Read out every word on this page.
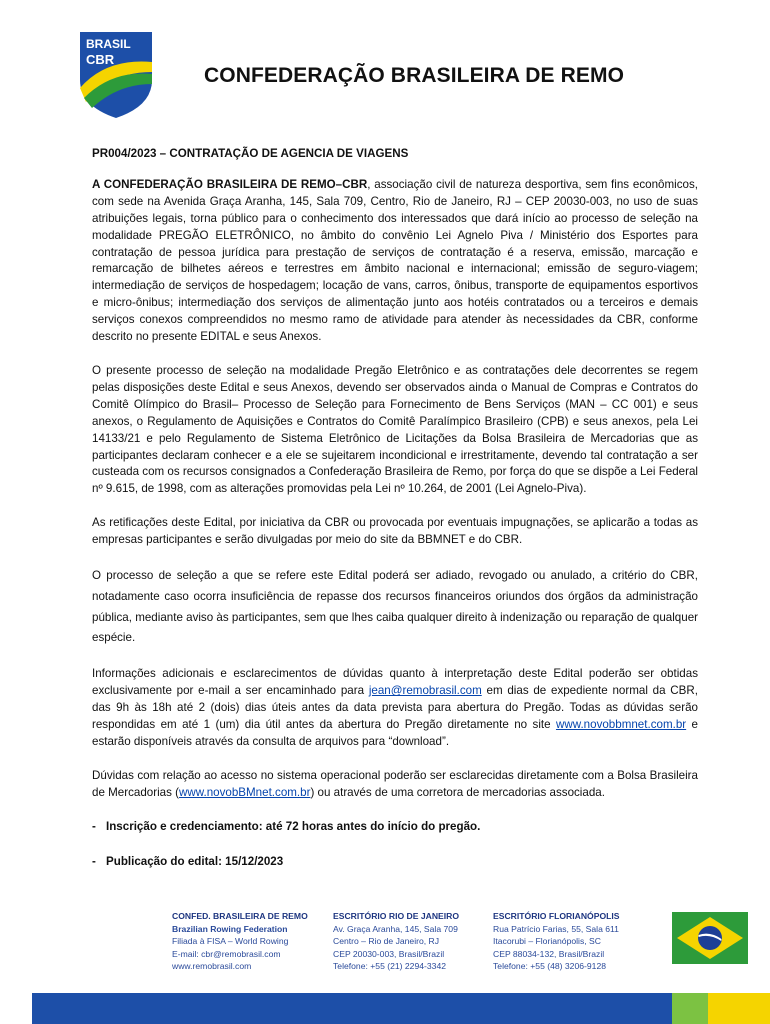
BRASIL
CBR
CONFEDERAÇÃO BRASILEIRA DE REMO
PR004/2023 – CONTRATAÇÃO DE AGENCIA DE VIAGENS

A CONFEDERAÇÃO BRASILEIRA DE REMO–CBR, associação civil de natureza desportiva, sem fins econômicos, com sede na Avenida Graça Aranha, 145, Sala 709, Centro, Rio de Janeiro, RJ – CEP 20030-003, no uso de suas atribuições legais, torna público para o conhecimento dos interessados que dará início ao processo de seleção na modalidade PREGÃO ELETRÔNICO, no âmbito do convênio Lei Agnelo Piva / Ministério dos Esportes para contratação de pessoa jurídica para prestação de serviços de contratação é a reserva, emissão, marcação e remarcação de bilhetes aéreos e terrestres em âmbito nacional e internacional; emissão de seguro-viagem; intermediação de serviços de hospedagem; locação de vans, carros, ônibus, transporte de equipamentos esportivos e micro-ônibus; intermediação dos serviços de alimentação junto aos hotéis contratados ou a terceiros e demais serviços conexos compreendidos no mesmo ramo de atividade para atender às necessidades da CBR, conforme descrito no presente EDITAL e seus Anexos.

O presente processo de seleção na modalidade Pregão Eletrônico e as contratações dele decorrentes se regem pelas disposições deste Edital e seus Anexos, devendo ser observados ainda o Manual de Compras e Contratos do Comitê Olímpico do Brasil– Processo de Seleção para Fornecimento de Bens Serviços (MAN – CC 001) e seus anexos, o Regulamento de Aquisições e Contratos do Comitê Paralímpico Brasileiro (CPB) e seus anexos, pela Lei 14133/21 e pelo Regulamento de Sistema Eletrônico de Licitações da Bolsa Brasileira de Mercadorias que as participantes declaram conhecer e a ele se sujeitarem incondicional e irrestritamente, devendo tal contratação a ser custeada com os recursos consignados a Confederação Brasileira de Remo, por força do que se dispõe a Lei Federal nº 9.615, de 1998, com as alterações promovidas pela Lei nº 10.264, de 2001 (Lei Agnelo-Piva).

As retificações deste Edital, por iniciativa da CBR ou provocada por eventuais impugnações, se aplicarão a todas as empresas participantes e serão divulgadas por meio do site da BBMNET e do CBR.

O processo de seleção a que se refere este Edital poderá ser adiado, revogado ou anulado, a critério do CBR, notadamente caso ocorra insuficiência de repasse dos recursos financeiros oriundos dos órgãos da administração pública, mediante aviso às participantes, sem que lhes caiba qualquer direito à indenização ou reparação de qualquer espécie.

Informações adicionais e esclarecimentos de dúvidas quanto à interpretação deste Edital poderão ser obtidas exclusivamente por e-mail a ser encaminhado para jean@remobrasil.com em dias de expediente normal da CBR, das 9h às 18h até 2 (dois) dias úteis antes da data prevista para abertura do Pregão. Todas as dúvidas serão respondidas em até 1 (um) dia útil antes da abertura do Pregão diretamente no site www.novobbmnet.com.br e estarão disponíveis através da consulta de arquivos para “download”.

Dúvidas com relação ao acesso no sistema operacional poderão ser esclarecidas diretamente com a Bolsa Brasileira de Mercadorias (www.novobBMnet.com.br) ou através de uma corretora de mercadorias associada.

- Inscrição e credenciamento: até 72 horas antes do início do pregão.
- Publicação do edital: 15/12/2023
CONFED. BRASILEIRA DE REMO
Brazilian Rowing Federation
Filiada à FISA – World Rowing
E-mail: cbr@remobrasil.com
www.remobrasil.com
ESCRITÓRIO RIO DE JANEIRO
Av. Graça Aranha, 145, Sala 709
Centro – Rio de Janeiro, RJ
CEP 20030-003, Brasil/Brazil
Telefone: +55 (21) 2294-3342
ESCRITÓRIO FLORIANÓPOLIS
Rua Patrício Farias, 55, Sala 611
Itacorubi – Florianópolis, SC
CEP 88034-132, Brasil/Brazil
Telefone: +55 (48) 3206-9128
